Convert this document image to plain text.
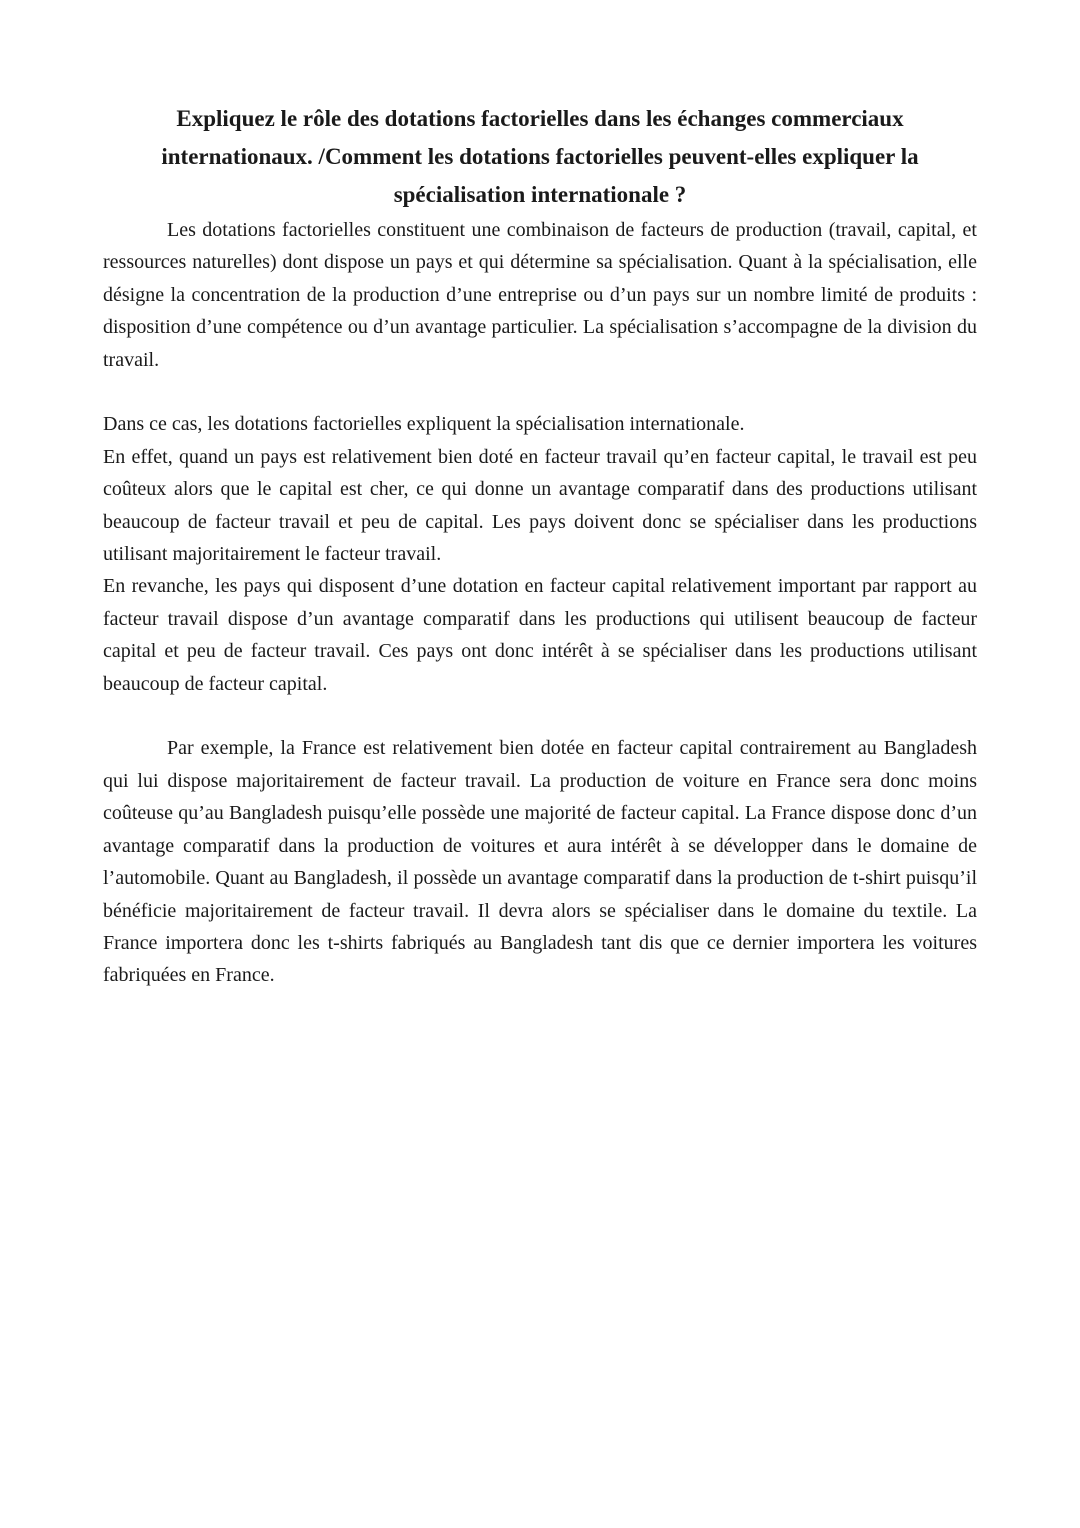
Expliquez le rôle des dotations factorielles dans les échanges commerciaux internationaux. /Comment les dotations factorielles peuvent-elles expliquer la spécialisation internationale ?

Les dotations factorielles constituent une combinaison de facteurs de production (travail, capital, et ressources naturelles) dont dispose un pays et qui détermine sa spécialisation. Quant à la spécialisation, elle désigne la concentration de la production d’une entreprise ou d’un pays sur un nombre limité de produits : disposition d’une compétence ou d’un avantage particulier. La spécialisation s’accompagne de la division du travail.

Dans ce cas, les dotations factorielles expliquent la spécialisation internationale.

En effet, quand un pays est relativement bien doté en facteur travail qu’en facteur capital, le travail est peu coûteux alors que le capital est cher, ce qui donne un avantage comparatif dans des productions utilisant beaucoup de facteur travail et peu de capital. Les pays doivent donc se spécialiser dans les productions utilisant majoritairement le facteur travail.

En revanche, les pays qui disposent d’une dotation en facteur capital relativement important par rapport au facteur travail dispose d’un avantage comparatif dans les productions qui utilisent beaucoup de facteur capital et peu de facteur travail. Ces pays ont donc intérêt à se spécialiser dans les productions utilisant beaucoup de facteur capital.

Par exemple, la France est relativement bien dotée en facteur capital contrairement au Bangladesh qui lui dispose majoritairement de facteur travail. La production de voiture en France sera donc moins coûteuse qu’au Bangladesh puisqu’elle possède une majorité de facteur capital. La France dispose donc d’un avantage comparatif dans la production de voitures et aura intérêt à se développer dans le domaine de l’automobile. Quant au Bangladesh, il possède un avantage comparatif dans la production de t-shirt puisqu’il bénéficie majoritairement de facteur travail. Il devra alors se spécialiser dans le domaine du textile. La France importera donc les t-shirts fabriqués au Bangladesh tant dis que ce dernier importera les voitures fabriquées en France.
